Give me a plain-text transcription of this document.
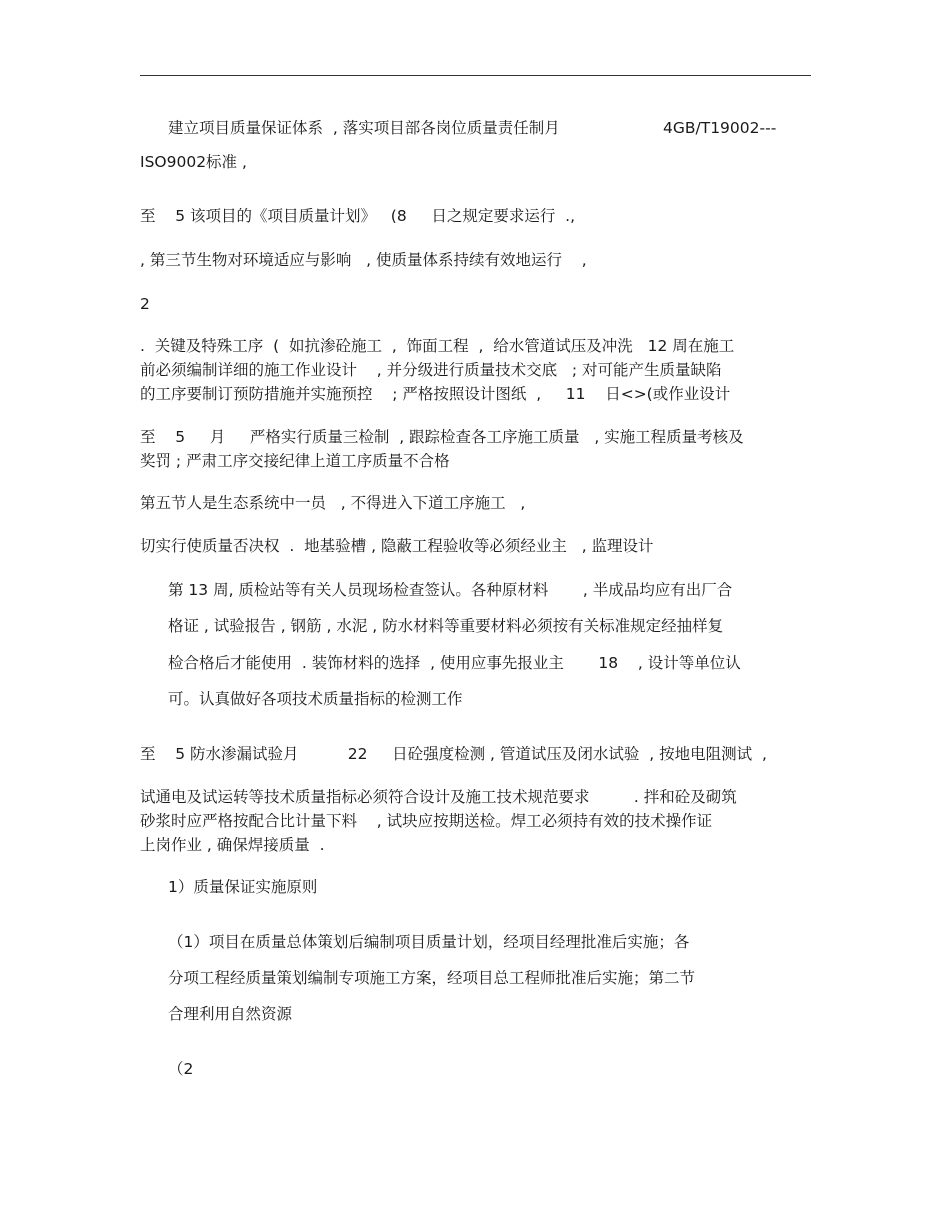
建立项目质量保证体系  , 落实项目部各岗位质量责任制月	4GB/T19002---
ISO9002标准 ,
至    5 该项目的《项目质量计划》   (8     日之规定要求运行  .,
, 第三节生物对环境适应与影响   , 使质量体系持续有效地运行    ,
2
.  关键及特殊工序  (  如抗渗砼施工  ,  饰面工程  ,  给水管道试压及冲洗   12 周在施工
前必须编制详细的施工作业设计    , 并分级进行质量技术交底   ; 对可能产生质量缺陷
的工序要制订预防措施并实施预控    ; 严格按照设计图纸  ,     11    日<>(或作业设计
至    5     月     严格实行质量三检制  , 跟踪检查各工序施工质量   , 实施工程质量考核及
奖罚 ; 严肃工序交接纪律上道工序质量不合格
第五节人是生态系统中一员   , 不得进入下道工序施工   ,
切实行使质量否决权  .  地基验槽 , 隐蔽工程验收等必须经业主   , 监理设计
第 13 周, 质检站等有关人员现场检查签认。各种原材料       , 半成品均应有出厂合
格证 , 试验报告 , 钢筋 , 水泥 , 防水材料等重要材料必须按有关标准规定经抽样复
检合格后才能使用  . 装饰材料的选择  , 使用应事先报业主       18    , 设计等单位认
可。认真做好各项技术质量指标的检测工作
至    5 防水渗漏试验月          22     日砼强度检测 , 管道试压及闭水试验  , 按地电阻测试  ,
试通电及试运转等技术质量指标必须符合设计及施工技术规范要求         . 拌和砼及砌筑
砂浆时应严格按配合比计量下料    , 试块应按期送检。焊工必须持有效的技术操作证
上岗作业 , 确保焊接质量  .
1）质量保证实施原则
（1）项目在质量总体策划后编制项目质量计划，经项目经理批准后实施；各
分项工程经质量策划编制专项施工方案，经项目总工程师批准后实施；第二节
合理利用自然资源
（2
